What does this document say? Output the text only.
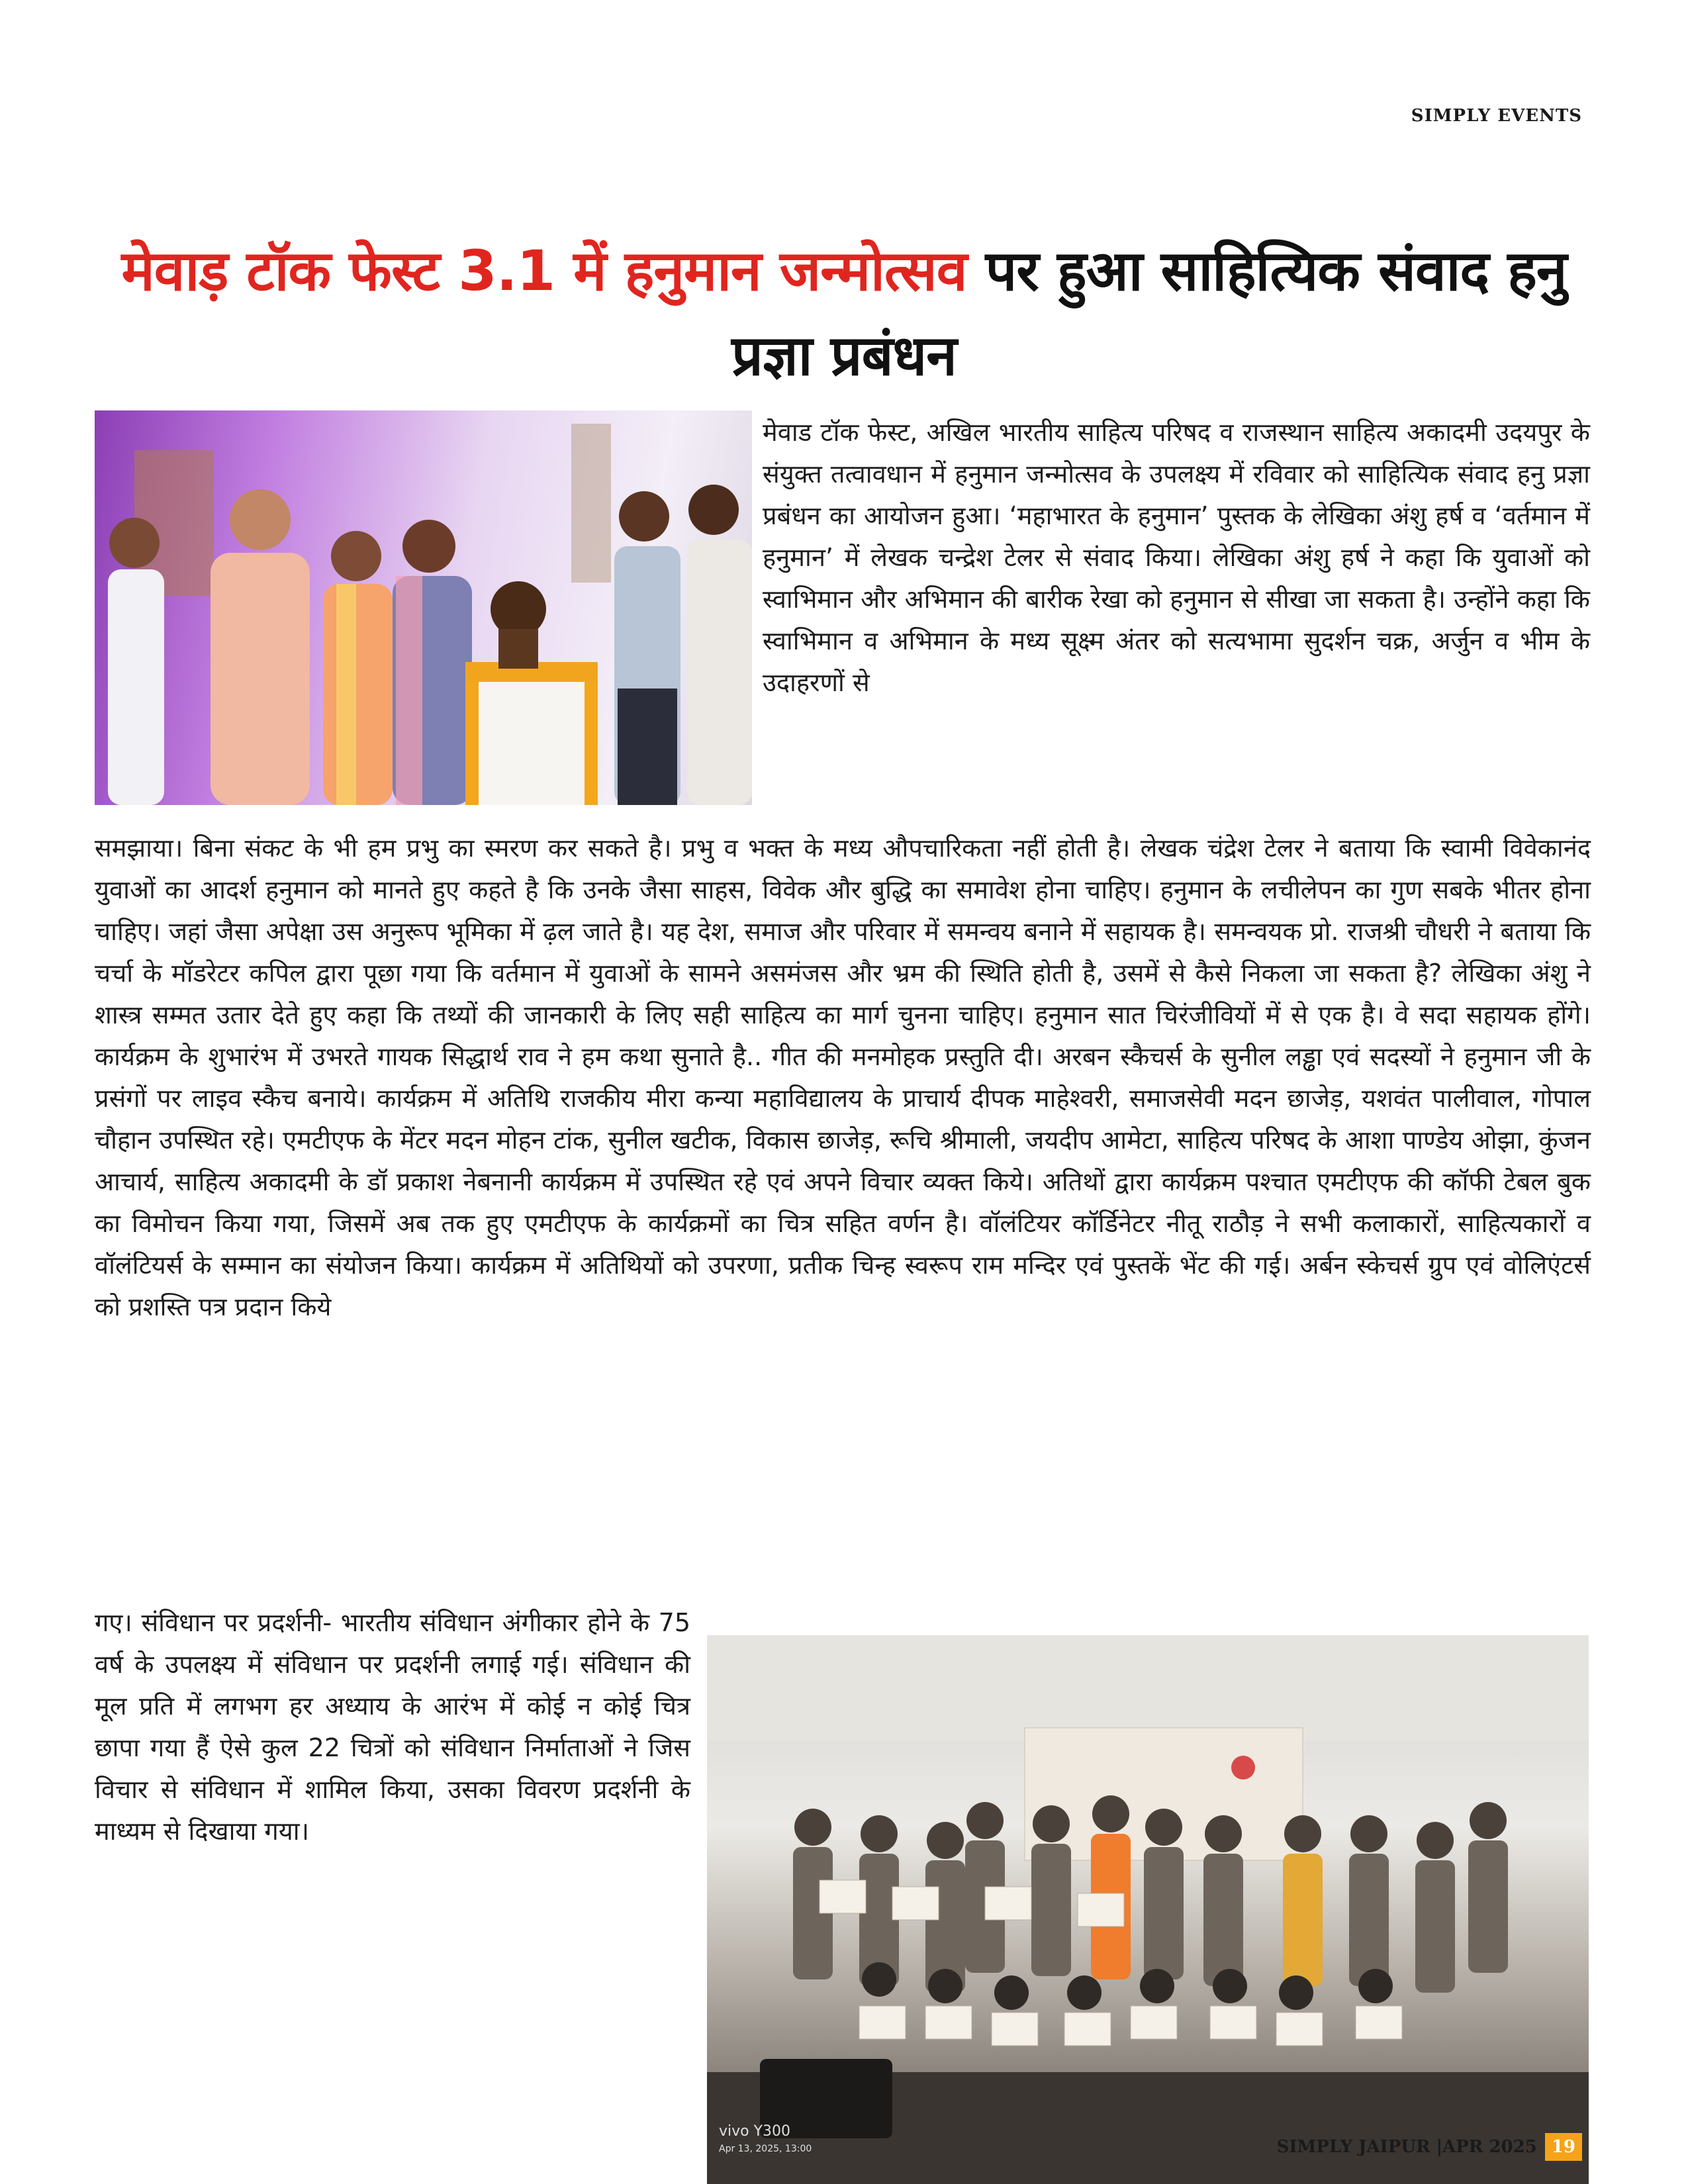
SIMPLY EVENTS
मेवाड़ टॉक फेस्ट 3.1 में हनुमान जन्मोत्सव पर हुआ साहित्यिक संवाद हनु प्रज्ञा प्रबंधन
मेवाड टॉक फेस्ट, अखिल भारतीय साहित्य परिषद व राजस्थान साहित्य अकादमी उदयपुर के संयुक्त तत्वावधान में हनुमान जन्मोत्सव के उपलक्ष्य में रविवार को साहित्यिक संवाद हनु प्रज्ञा प्रबंधन का आयोजन हुआ। ‘महाभारत के हनुमान’ पुस्तक के लेखिका अंशु हर्ष व ‘वर्तमान में हनुमान’ में लेखक चन्द्रेश टेलर से संवाद किया। लेखिका अंशु हर्ष ने कहा कि युवाओं को स्वाभिमान और अभिमान की बारीक रेखा को हनुमान से सीखा जा सकता है। उन्होंने कहा कि स्वाभिमान व अभिमान के मध्य सूक्ष्म अंतर को सत्यभामा सुदर्शन चक्र, अर्जुन व भीम के उदाहरणों से
समझाया। बिना संकट के भी हम प्रभु का स्मरण कर सकते है। प्रभु व भक्त के मध्य औपचारिकता नहीं होती है। लेखक चंद्रेश टेलर ने बताया कि स्वामी विवेकानंद युवाओं का आदर्श हनुमान को मानते हुए कहते है कि उनके जैसा साहस, विवेक और बुद्धि का समावेश होना चाहिए। हनुमान के लचीलेपन का गुण सबके भीतर होना चाहिए। जहां जैसा अपेक्षा उस अनुरूप भूमिका में ढ़ल जाते है। यह देश, समाज और परिवार में समन्वय बनाने में सहायक है। समन्वयक प्रो. राजश्री चौधरी ने बताया कि चर्चा के मॉडरेटर कपिल द्वारा पूछा गया कि वर्तमान में युवाओं के सामने असमंजस और भ्रम की स्थिति होती है, उसमें से कैसे निकला जा सकता है? लेखिका अंशु ने शास्त्र सम्मत उतार देते हुए कहा कि तथ्यों की जानकारी के लिए सही साहित्य का मार्ग चुनना चाहिए। हनुमान सात चिरंजीवियों में से एक है। वे सदा सहायक होंगे। कार्यक्रम के शुभारंभ में उभरते गायक सिद्धार्थ राव ने हम कथा सुनाते है.. गीत की मनमोहक प्रस्तुति दी। अरबन स्कैचर्स के सुनील लड्ढा एवं सदस्यों ने हनुमान जी के प्रसंगों पर लाइव स्कैच बनाये। कार्यक्रम में अतिथि राजकीय मीरा कन्या महाविद्यालय के प्राचार्य दीपक माहेश्वरी, समाजसेवी मदन छाजेड़, यशवंत पालीवाल, गोपाल चौहान उपस्थित रहे। एमटीएफ के मेंटर मदन मोहन टांक, सुनील खटीक, विकास छाजेड़, रूचि श्रीमाली, जयदीप आमेटा, साहित्य परिषद के आशा पाण्डेय ओझा, कुंजन आचार्य, साहित्य अकादमी के डॉ प्रकाश नेबनानी कार्यक्रम में उपस्थित रहे एवं अपने विचार व्यक्त किये। अतिथों द्वारा कार्यक्रम पश्चात एमटीएफ की कॉफी टेबल बुक का विमोचन किया गया, जिसमें अब तक हुए एमटीएफ के कार्यक्रमों का चित्र सहित वर्णन है। वॉलंटियर कॉर्डिनेटर नीतू राठौड़ ने सभी कलाकारों, साहित्यकारों व वॉलंटियर्स के सम्मान का संयोजन किया। कार्यक्रम में अतिथियों को उपरणा, प्रतीक चिन्ह स्वरूप राम मन्दिर एवं पुस्तकें भेंट की गई। अर्बन स्केचर्स ग्रुप एवं वोलिएंटर्स को प्रशस्ति पत्र प्रदान किये
गए। संविधान पर प्रदर्शनी- भारतीय संविधान अंगीकार होने के 75 वर्ष के उपलक्ष्य में संविधान पर प्रदर्शनी लगाई गई। संविधान की मूल प्रति में लगभग हर अध्याय के आरंभ में कोई न कोई चित्र छापा गया हैं ऐसे कुल 22 चित्रों को संविधान निर्माताओं ने जिस विचार से संविधान में शामिल किया, उसका विवरण प्रदर्शनी के माध्यम से दिखाया गया।
vivo Y300
Apr 13, 2025, 13:00	SIMPLY JAIPUR |APR 2025 19
